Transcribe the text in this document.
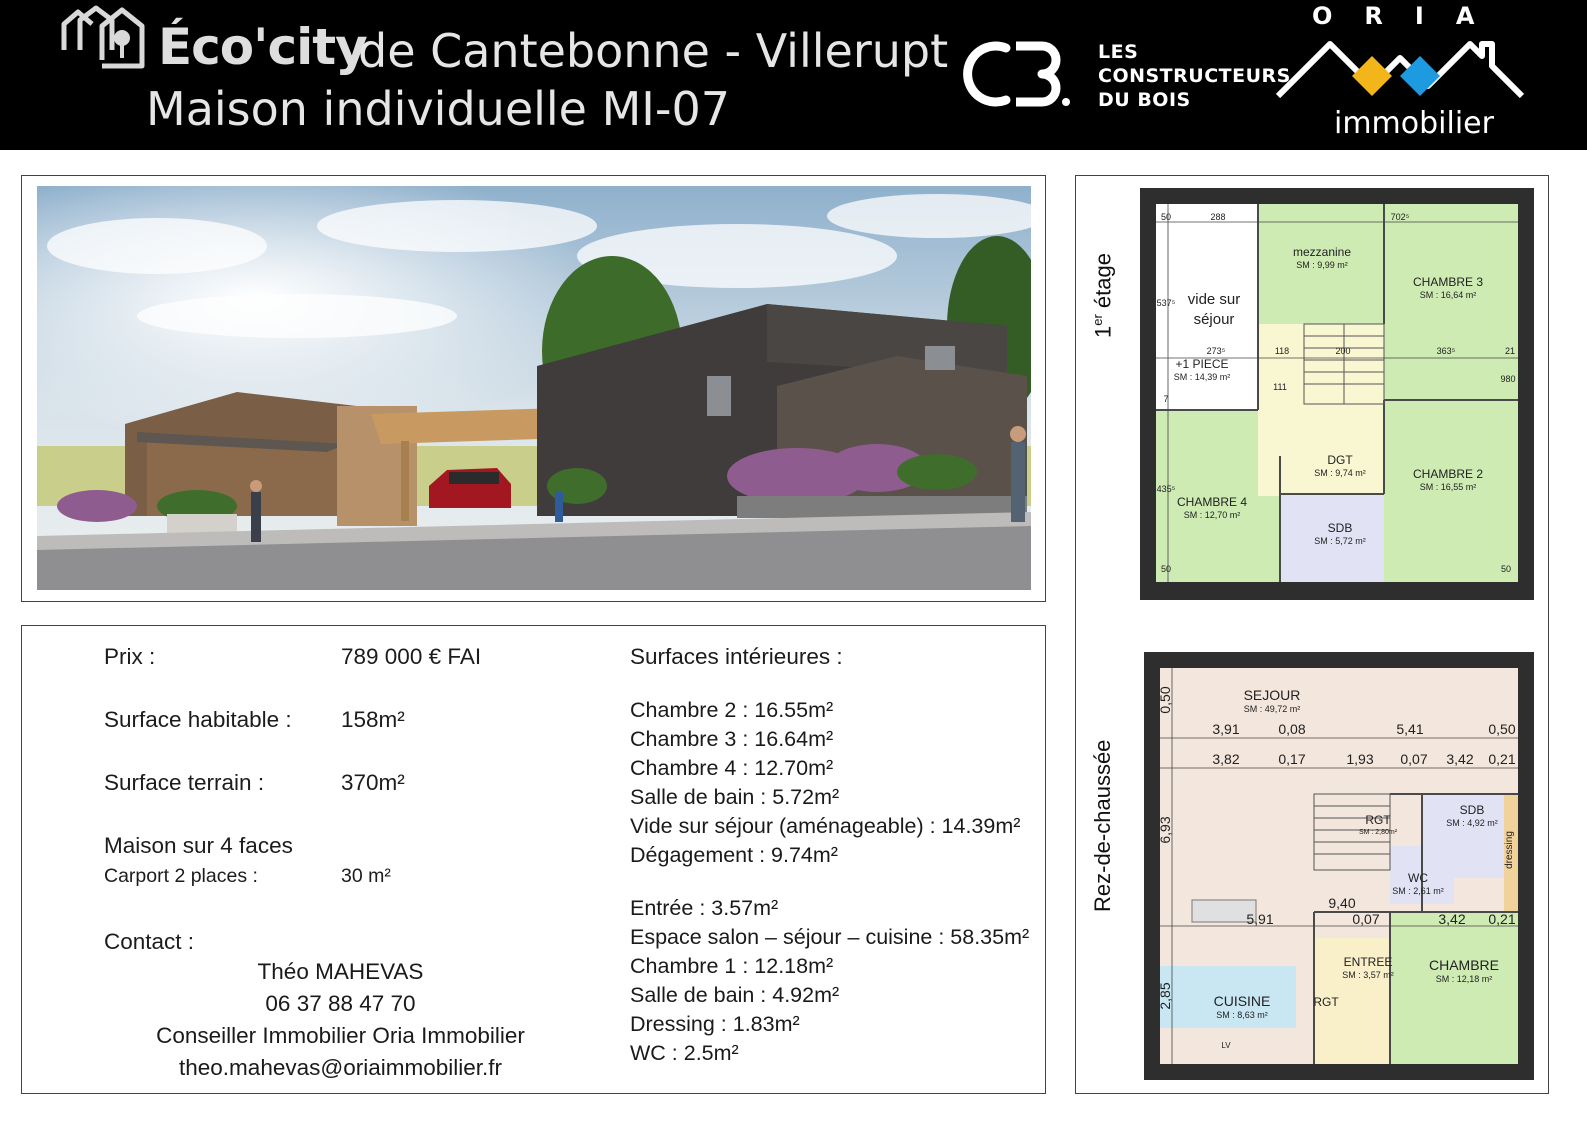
Éco'city
de Cantebonne - Villerupt
Maison individuelle MI-07
LES
CONSTRUCTEURS
DU BOIS
ORIA
immobilier
Prix :	789 000 € FAI
Surface habitable : 158m²
Surface terrain :	370m²
Maison sur 4 faces
Carport 2 places :	30 m²
Contact :
Théo MAHEVAS
06 37 88 47 70
Conseiller Immobilier Oria Immobilier
theo.mahevas@oriaimmobilier.fr
Surfaces intérieures :
Chambre 2 : 16.55m²
Chambre 3 : 16.64m²
Chambre 4 : 12.70m²
Salle de bain : 5.72m²
Vide sur séjour (aménageable) : 14.39m²
Dégagement : 9.74m²
Entrée : 3.57m²
Espace salon – séjour – cuisine : 58.35m²
Chambre 1 : 12.18m²
Salle de bain : 4.92m²
Dressing : 1.83m²
WC : 2.5m²
1er étage
Rez-de-chaussée
50	288	702⁵
537⁵
273⁵	118	200	363⁵	21
111
980
7
435⁵
50	50
vide sur
séjour
mezzanine
SM : 9,99 m²
CHAMBRE 3
SM : 16,64 m²
+1 PIECE
SM : 14,39 m²
DGT
SM : 9,74 m²	CHAMBRE 2
SM : 16,55 m²
CHAMBRE 4
SM : 12,70 m²
SDB
SM : 5,72 m²
0,50
3,91	0,08	5,41	0,50
3,82	0,17	1,93 0,07 3,42 0,21
6,93
9,40
5,91	0,07	3,42 0,21
2,85
SEJOUR
SM : 49,72 m²
RGT
SM : 2,80m²
SDB
SM : 4,92 m²
dressing
WC
SM : 2,61 m²
ENTREE
SM : 3,57 m²
CHAMBRE
SM : 12,18 m²
CUISINE
SM : 8,63 m²
RGT
LV
